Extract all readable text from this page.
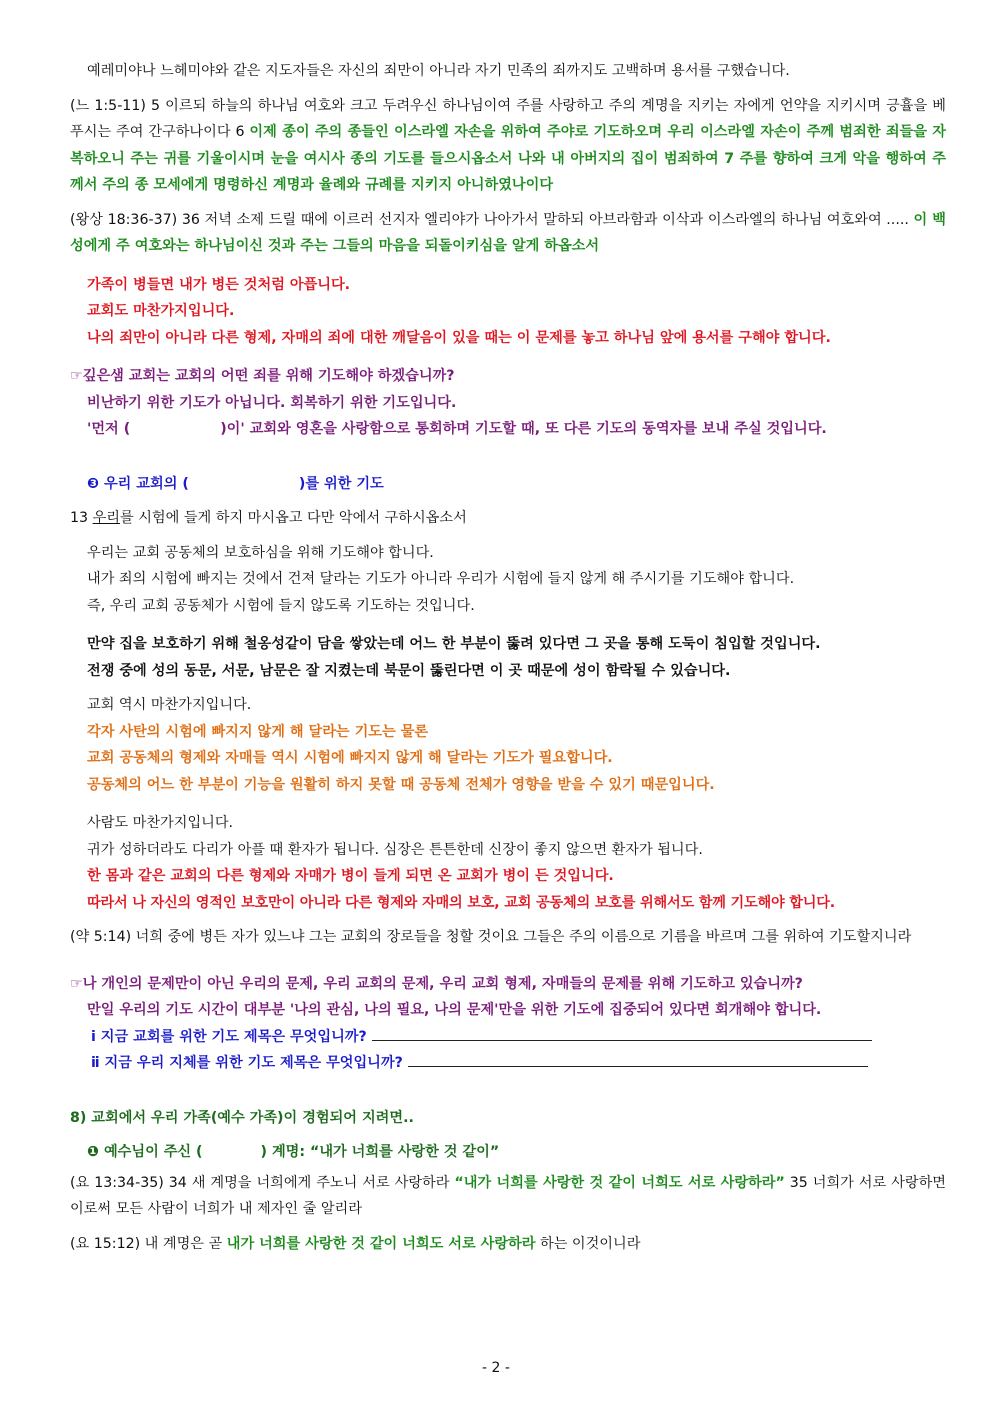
예레미야나 느헤미야와 같은 지도자들은 자신의 죄만이 아니라 자기 민족의 죄까지도 고백하며 용서를 구했습니다.

(느 1:5-11) 5 이르되 하늘의 하나님 여호와 크고 두려우신 하나님이여 주를 사랑하고 주의 계명을 지키는 자에게 언약을 지키시며 긍휼을 베푸시는 주여 간구하나이다 6 이제 종이 주의 종들인 이스라엘 자손을 위하여 주야로 기도하오며 우리 이스라엘 자손이 주께 범죄한 죄들을 자복하오니 주는 귀를 기울이시며 눈을 여시사 종의 기도를 들으시옵소서 나와 내 아버지의 집이 범죄하여 7 주를 향하여 크게 악을 행하여 주께서 주의 종 모세에게 명령하신 계명과 율례와 규례를 지키지 아니하였나이다

(왕상 18:36-37) 36 저녁 소제 드릴 때에 이르러 선지자 엘리야가 나아가서 말하되 아브라함과 이삭과 이스라엘의 하나님 여호와여 ..... 이 백성에게 주 여호와는 하나님이신 것과 주는 그들의 마음을 되돌이키심을 알게 하옵소서

가족이 병들면 내가 병든 것처럼 아픕니다.

교회도 마찬가지입니다.

나의 죄만이 아니라 다른 형제, 자매의 죄에 대한 깨달음이 있을 때는 이 문제를 놓고 하나님 앞에 용서를 구해야 합니다.

☞깊은샘 교회는 교회의 어떤 죄를 위해 기도해야 하겠습니까?

비난하기 위한 기도가 아닙니다. 회복하기 위한 기도입니다.

'먼저 (	)이' 교회와 영혼을 사랑함으로 통회하며 기도할 때, 또 다른 기도의 동역자를 보내 주실 것입니다.

❸ 우리 교회의 (	)를 위한 기도

13 우리를 시험에 들게 하지 마시옵고 다만 악에서 구하시옵소서

우리는 교회 공동체의 보호하심을 위해 기도해야 합니다.

내가 죄의 시험에 빠지는 것에서 건져 달라는 기도가 아니라 우리가 시험에 들지 않게 해 주시기를 기도해야 합니다.

즉, 우리 교회 공동체가 시험에 들지 않도록 기도하는 것입니다.

만약 집을 보호하기 위해 철옹성같이 담을 쌓았는데 어느 한 부분이 뚫려 있다면 그 곳을 통해 도둑이 침입할 것입니다.

전쟁 중에 성의 동문, 서문, 남문은 잘 지켰는데 북문이 뚫린다면 이 곳 때문에 성이 함락될 수 있습니다.

교회 역시 마찬가지입니다.

각자 사탄의 시험에 빠지지 않게 해 달라는 기도는 물론

교회 공동체의 형제와 자매들 역시 시험에 빠지지 않게 해 달라는 기도가 필요합니다.

공동체의 어느 한 부분이 기능을 원활히 하지 못할 때 공동체 전체가 영향을 받을 수 있기 때문입니다.

사람도 마찬가지입니다.

귀가 성하더라도 다리가 아플 때 환자가 됩니다. 심장은 튼튼한데 신장이 좋지 않으면 환자가 됩니다.

한 몸과 같은 교회의 다른 형제와 자매가 병이 들게 되면 온 교회가 병이 든 것입니다.

따라서 나 자신의 영적인 보호만이 아니라 다른 형제와 자매의 보호, 교회 공동체의 보호를 위해서도 함께 기도해야 합니다.

(약 5:14) 너희 중에 병든 자가 있느냐 그는 교회의 장로들을 청할 것이요 그들은 주의 이름으로 기름을 바르며 그를 위하여 기도할지니라

☞나 개인의 문제만이 아닌 우리의 문제, 우리 교회의 문제, 우리 교회 형제, 자매들의 문제를 위해 기도하고 있습니까?

만일 우리의 기도 시간이 대부분 '나의 관심, 나의 필요, 나의 문제'만을 위한 기도에 집중되어 있다면 회개해야 합니다.

ⅰ 지금 교회를 위한 기도 제목은 무엇입니까?

ⅱ 지금 우리 지체를 위한 기도 제목은 무엇입니까?

8) 교회에서 우리 가족(예수 가족)이 경험되어 지려면..

❶ 예수님이 주신 (	) 계명: “내가 너희를 사랑한 것 같이”

(요 13:34-35) 34 새 계명을 너희에게 주노니 서로 사랑하라 “내가 너희를 사랑한 것 같이 너희도 서로 사랑하라” 35 너희가 서로 사랑하면 이로써 모든 사람이 너희가 내 제자인 줄 알리라

(요 15:12) 내 계명은 곧 내가 너희를 사랑한 것 같이 너희도 서로 사랑하라 하는 이것이니라

- 2 -
